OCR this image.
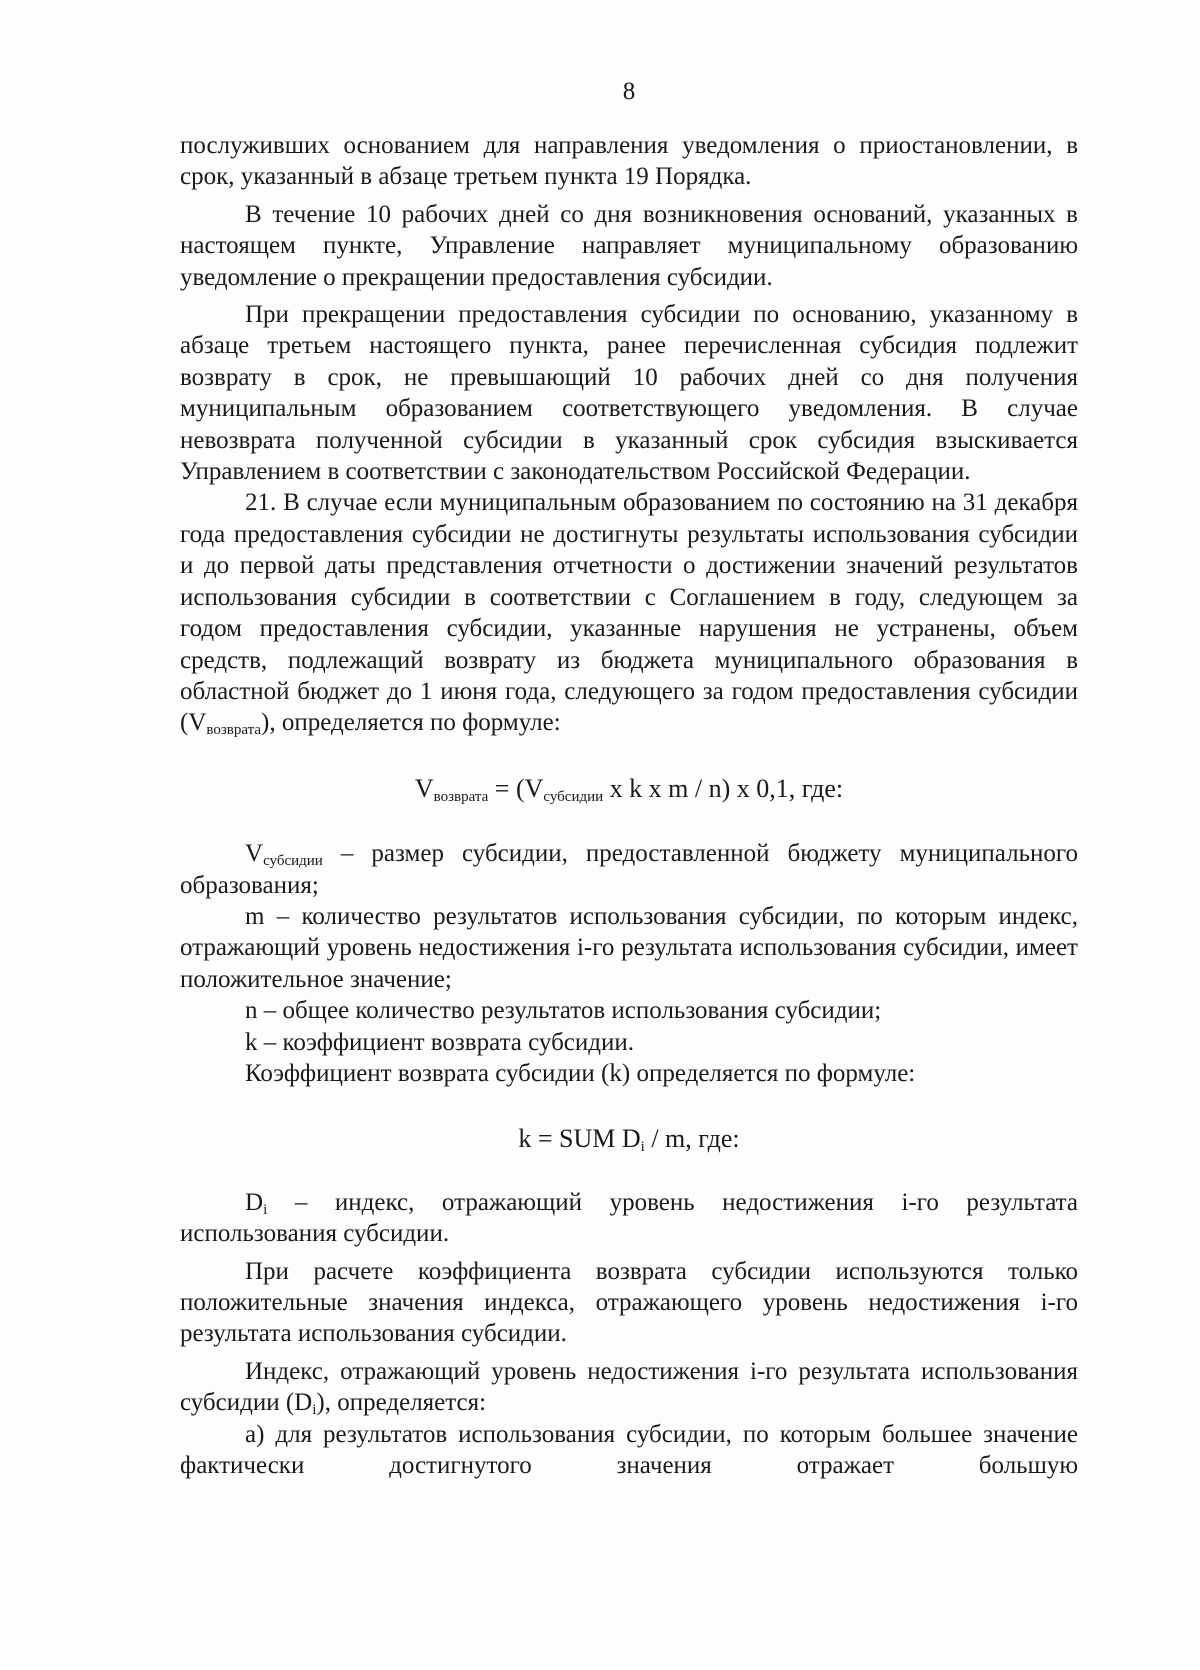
8

послуживших основанием для направления уведомления о приостановлении, в срок, указанный в абзаце третьем пункта 19 Порядка.

В течение 10 рабочих дней со дня возникновения оснований, указанных в настоящем пункте, Управление направляет муниципальному образованию уведомление о прекращении предоставления субсидии.

При прекращении предоставления субсидии по основанию, указанному в абзаце третьем настоящего пункта, ранее перечисленная субсидия подлежит возврату в срок, не превышающий 10 рабочих дней со дня получения муниципальным образованием соответствующего уведомления. В случае невозврата полученной субсидии в указанный срок субсидия взыскивается Управлением в соответствии с законодательством Российской Федерации.

21. В случае если муниципальным образованием по состоянию на 31 декабря года предоставления субсидии не достигнуты результаты использования субсидии и до первой даты представления отчетности о достижении значений результатов использования субсидии в соответствии с Соглашением в году, следующем за годом предоставления субсидии, указанные нарушения не устранены, объем средств, подлежащий возврату из бюджета муниципального образования в областной бюджет до 1 июня года, следующего за годом предоставления субсидии $(V_{возврата})$, определяется по формуле:

$V_{возврата} = (V_{субсидии}$ x k x m / n) x 0,1, где:

$V_{субсидии}$ – размер субсидии, предоставленной бюджету муниципального образования;

m – количество результатов использования субсидии, по которым индекс, отражающий уровень недостижения i-го результата использования субсидии, имеет положительное значение;

n – общее количество результатов использования субсидии;

k – коэффициент возврата субсидии.

Коэффициент возврата субсидии (k) определяется по формуле:

k = SUM $D_i$ / m, где:

$D_i$ – индекс, отражающий уровень недостижения i-го результата использования субсидии.

При расчете коэффициента возврата субсидии используются только положительные значения индекса, отражающего уровень недостижения i-го результата использования субсидии.

Индекс, отражающий уровень недостижения i-го результата использования субсидии $(D_i)$, определяется:

а) для результатов использования субсидии, по которым большее значение фактически достигнутого значения отражает большую
